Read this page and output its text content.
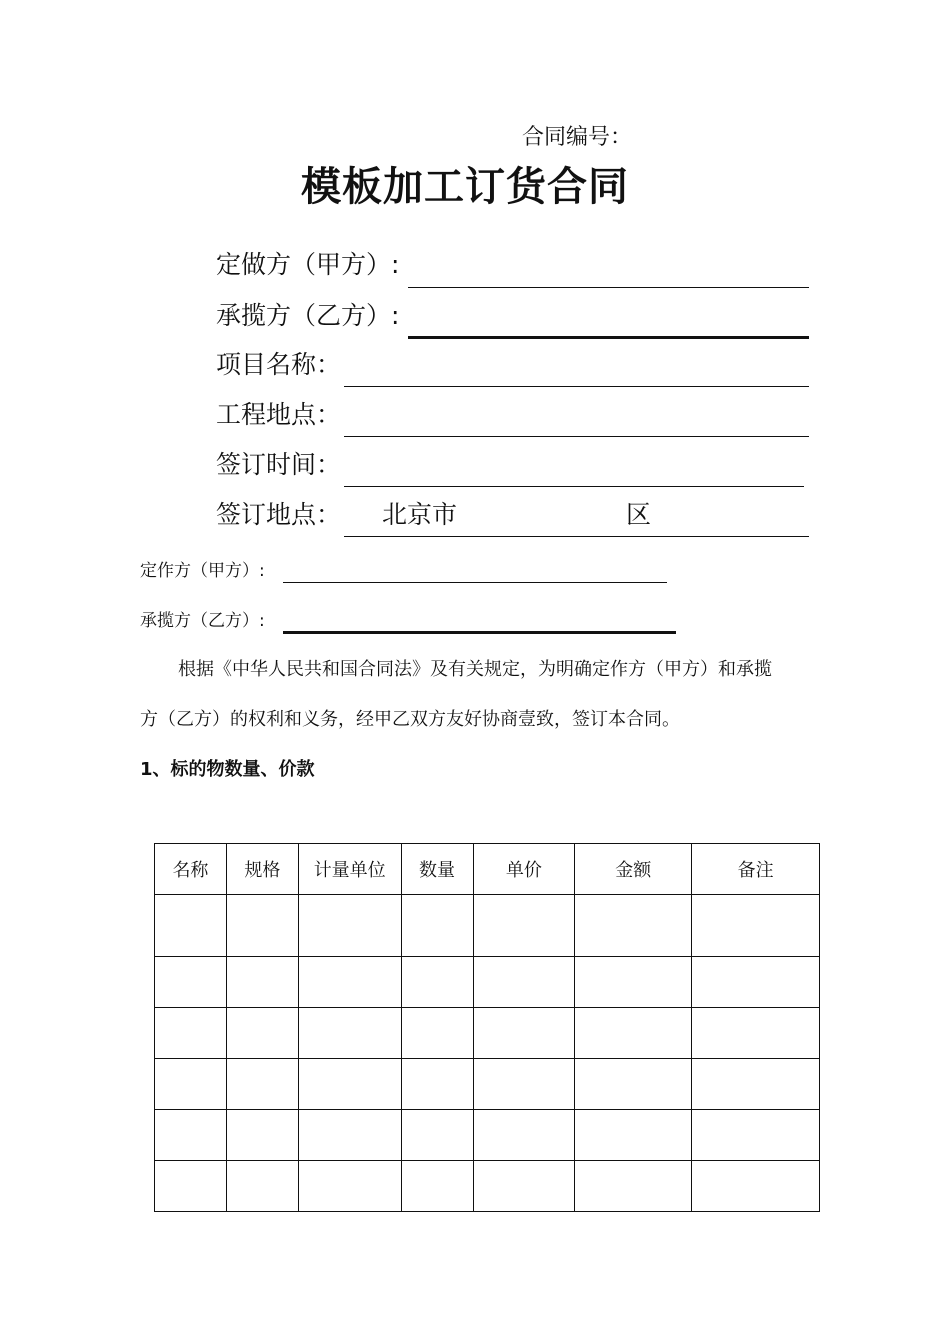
合同编号：
模板加工订货合同
定做方（甲方）:
承揽方（乙方）:
项目名称：
工程地点：
签订时间：
签订地点： 北京市	区
定作方（甲方）:
承揽方（乙方）:
根据《中华人民共和国合同法》及有关规定，为明确定作方（甲方）和承揽
方（乙方）的权利和义务，经甲乙双方友好协商壹致，签订本合同。
1、标的物数量、价款
名称	规格	计量单位	数量	单价	金额	备注
